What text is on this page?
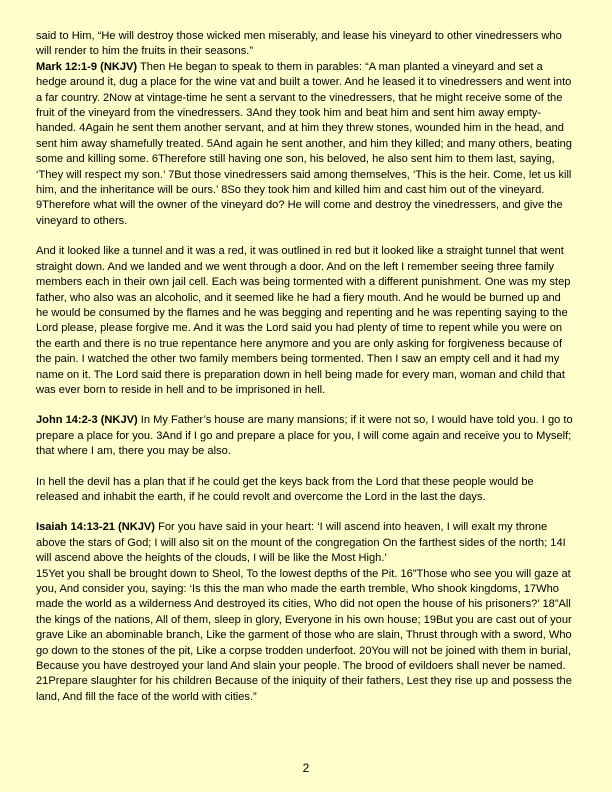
said to Him, “He will destroy those wicked men miserably, and lease his vineyard to other vinedressers who will render to him the fruits in their seasons.”

Mark 12:1-9 (NKJV) Then He began to speak to them in parables: “A man planted a vineyard and set a hedge around it, dug a place for the wine vat and built a tower. And he leased it to vinedressers and went into a far country. 2Now at vintage-time he sent a servant to the vinedressers, that he might receive some of the fruit of the vineyard from the vinedressers. 3And they took him and beat him and sent him away empty-handed. 4Again he sent them another servant, and at him they threw stones, wounded him in the head, and sent him away shamefully treated. 5And again he sent another, and him they killed; and many others, beating some and killing some. 6Therefore still having one son, his beloved, he also sent him to them last, saying, ‘They will respect my son.’ 7But those vinedressers said among themselves, ‘This is the heir. Come, let us kill him, and the inheritance will be ours.’ 8So they took him and killed him and cast him out of the vineyard. 9Therefore what will the owner of the vineyard do? He will come and destroy the vinedressers, and give the vineyard to others.

And it looked like a tunnel and it was a red, it was outlined in red but it looked like a straight tunnel that went straight down. And we landed and we went through a door. And on the left I remember seeing three family members each in their own jail cell. Each was being tormented with a different punishment. One was my step father, who also was an alcoholic, and it seemed like he had a fiery mouth. And he would be burned up and he would be consumed by the flames and he was begging and repenting and he was repenting saying to the Lord please, please forgive me. And it was the Lord said you had plenty of time to repent while you were on the earth and there is no true repentance here anymore and you are only asking for forgiveness because of the pain. I watched the other two family members being tormented. Then I saw an empty cell and it had my name on it. The Lord said there is preparation down in hell being made for every man, woman and child that was ever born to reside in hell and to be imprisoned in hell.

John 14:2-3 (NKJV) In My Father’s house are many mansions; if it were not so, I would have told you. I go to prepare a place for you. 3And if I go and prepare a place for you, I will come again and receive you to Myself; that where I am, there you may be also.

In hell the devil has a plan that if he could get the keys back from the Lord that these people would be released and inhabit the earth, if he could revolt and overcome the Lord in the last the days.

Isaiah 14:13-21 (NKJV) For you have said in your heart: ‘I will ascend into heaven, I will exalt my throne above the stars of God; I will also sit on the mount of the congregation On the farthest sides of the north; 14I will ascend above the heights of the clouds, I will be like the Most High.’
15Yet you shall be brought down to Sheol, To the lowest depths of the Pit. 16”Those who see you will gaze at you, And consider you, saying: ‘Is this the man who made the earth tremble, Who shook kingdoms, 17Who made the world as a wilderness And destroyed its cities, Who did not open the house of his prisoners?’ 18”All the kings of the nations, All of them, sleep in glory, Everyone in his own house; 19But you are cast out of your grave Like an abominable branch, Like the garment of those who are slain, Thrust through with a sword, Who go down to the stones of the pit, Like a corpse trodden underfoot. 20You will not be joined with them in burial, Because you have destroyed your land And slain your people. The brood of evildoers shall never be named.
21Prepare slaughter for his children Because of the iniquity of their fathers, Lest they rise up and possess the land, And fill the face of the world with cities.”

2
